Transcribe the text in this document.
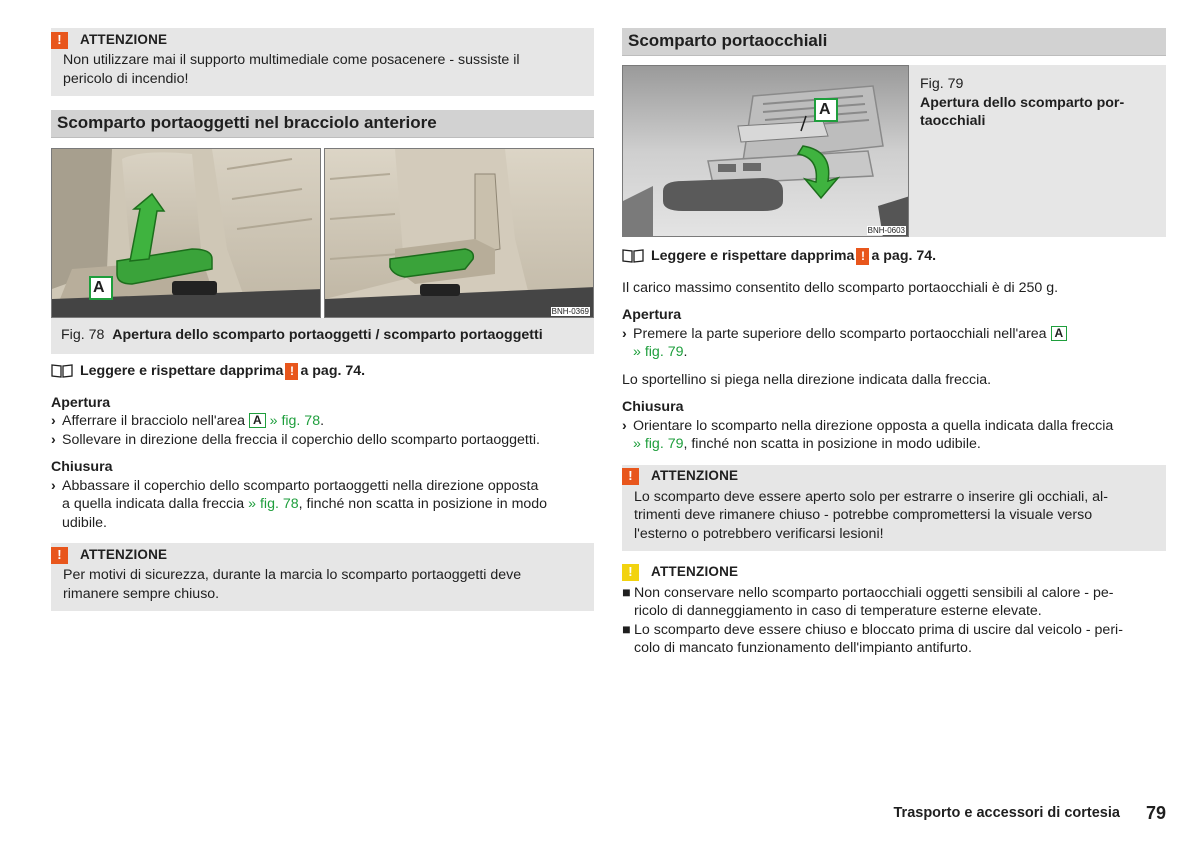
!	ATTENZIONE
Non utilizzare mai il supporto multimediale come posacenere - sussiste il
pericolo di incendio!
Scomparto portaoggetti nel bracciolo anteriore
A
BNH-0369
Fig. 78 Apertura dello scomparto portaoggetti / scomparto portaoggetti
Leggere e rispettare dapprima ! a pag. 74.
Apertura
› Afferrare il bracciolo nell'area A » fig. 78.
› Sollevare in direzione della freccia il coperchio dello scomparto portaoggetti.
Chiusura
› Abbassare il coperchio dello scomparto portaoggetti nella direzione opposta
a quella indicata dalla freccia » fig. 78, finché non scatta in posizione in modo
udibile.
!	ATTENZIONE
Per motivi di sicurezza, durante la marcia lo scomparto portaoggetti deve
rimanere sempre chiuso.
Scomparto portaocchiali
A
BNH-0603
Fig. 79
Apertura dello scomparto por-
taocchiali
Leggere e rispettare dapprima ! a pag. 74.
Il carico massimo consentito dello scomparto portaocchiali è di 250 g.
Apertura
› Premere la parte superiore dello scomparto portaocchiali nell'area A
» fig. 79.
Lo sportellino si piega nella direzione indicata dalla freccia.
Chiusura
› Orientare lo scomparto nella direzione opposta a quella indicata dalla freccia
» fig. 79, finché non scatta in posizione in modo udibile.
!	ATTENZIONE
Lo scomparto deve essere aperto solo per estrarre o inserire gli occhiali, al-
trimenti deve rimanere chiuso - potrebbe compromettersi la visuale verso
l'esterno o potrebbero verificarsi lesioni!
!	ATTENZIONE
■ Non conservare nello scomparto portaocchiali oggetti sensibili al calore - pe-
ricolo di danneggiamento in caso di temperature esterne elevate.
■ Lo scomparto deve essere chiuso e bloccato prima di uscire dal veicolo - peri-
colo di mancato funzionamento dell'impianto antifurto.
Trasporto e accessori di cortesia 79
